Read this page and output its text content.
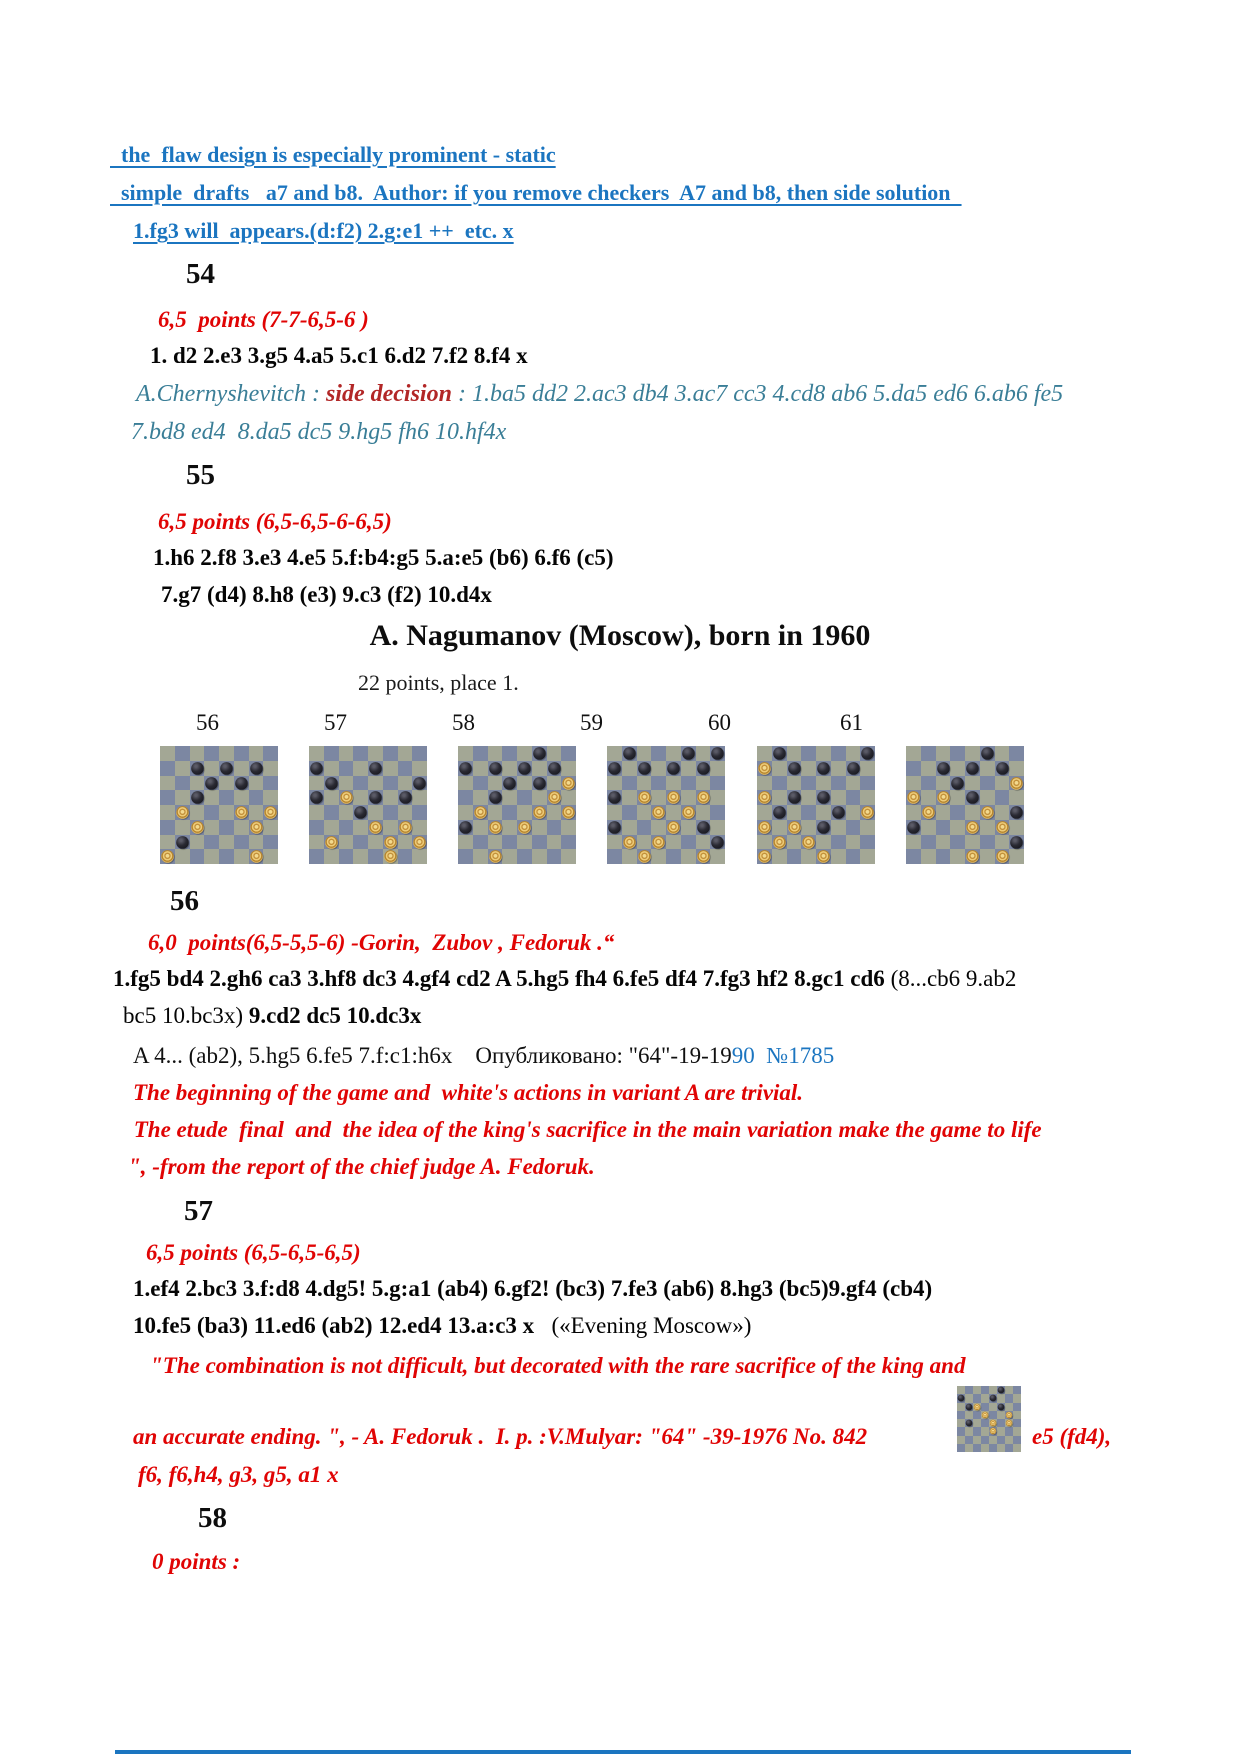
the  flaw design is especially prominent - static
simple  drafts   a7 and b8.  Author: if you remove checkers  A7 and b8, then side solution
1.fg3 will  appears.(d:f2) 2.g:e1 ++  etc. x
54
6,5  points (7-7-6,5-6 )
1. d2 2.e3 3.g5 4.a5 5.c1 6.d2 7.f2 8.f4 x
A.Chernyshevitch : side decision : 1.ba5 dd2 2.ac3 db4 3.ac7 cc3 4.cd8 ab6 5.da5 ed6 6.ab6 fe5
7.bd8 ed4  8.da5 dc5 9.hg5 fh6 10.hf4x
55
6,5 points (6,5-6,5-6-6,5)
1.h6 2.f8 3.e3 4.e5 5.f:b4:g5 5.a:e5 (b6) 6.f6 (c5)
7.g7 (d4) 8.h8 (e3) 9.c3 (f2) 10.d4x
A. Nagumanov (Moscow), born in 1960
22 points, place 1.
56	57	58	59	60	61
56
6,0  points(6,5-5,5-6) -Gorin,  Zubov , Fedoruk .“
1.fg5 bd4 2.gh6 ca3 3.hf8 dc3 4.gf4 cd2 A 5.hg5 fh4 6.fe5 df4 7.fg3 hf2 8.gc1 cd6 (8...cb6 9.ab2
bc5 10.bc3x) 9.cd2 dc5 10.dc3x
A 4... (ab2), 5.hg5 6.fe5 7.f:c1:h6x    Опубликовано: "64"-19-1990  №1785
The beginning of the game and  white's actions in variant A are trivial.
The etude  final  and  the idea of the king's sacrifice in the main variation make the game to life
", -from the report of the chief judge A. Fedoruk.
57
6,5 points (6,5-6,5-6,5)
1.ef4 2.bc3 3.f:d8 4.dg5! 5.g:a1 (ab4) 6.gf2! (bc3) 7.fe3 (ab6) 8.hg3 (bc5)9.gf4 (cb4)
10.fe5 (ba3) 11.ed6 (ab2) 12.ed4 13.a:c3 x   («Evening Moscow»)
"The combination is not difficult, but decorated with the rare sacrifice of the king and
an accurate ending. ", - A. Fedoruk .  I. p. :V.Mulyar: "64" -39-1976 No. 842	e5 (fd4),
f6, f6,h4, g3, g5, a1 x
58
0 points :
